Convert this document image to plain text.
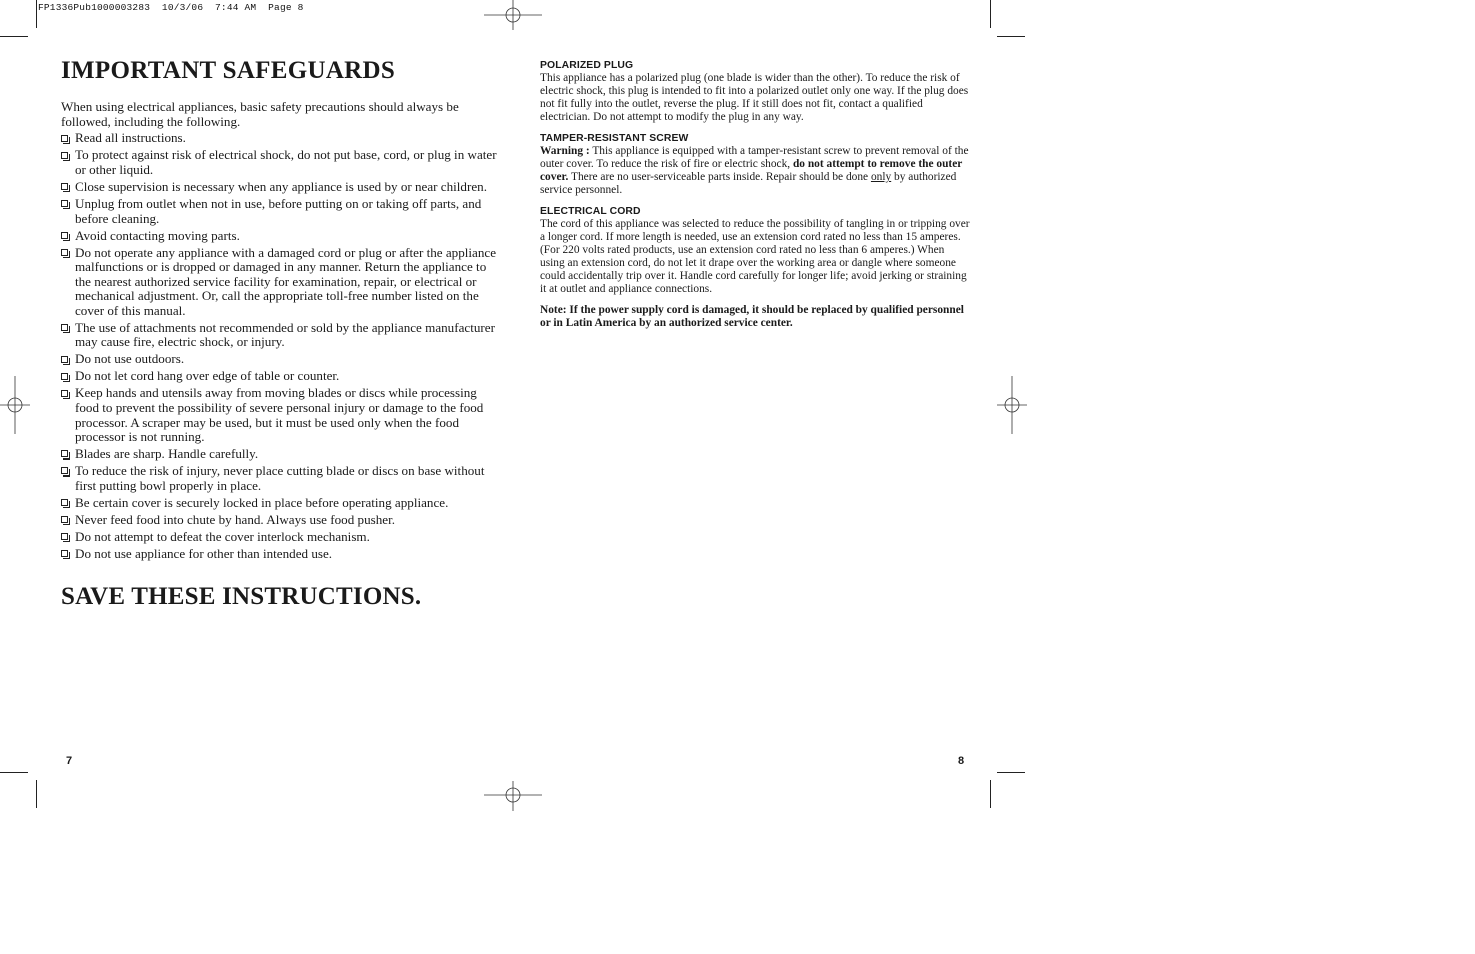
FP1336Pub1000003283  10/3/06  7:44 AM  Page 8
IMPORTANT SAFEGUARDS

When using electrical appliances, basic safety precautions should always be followed, including the following.

Read all instructions.
To protect against risk of electrical shock, do not put base, cord, or plug in water or other liquid.
Close supervision is necessary when any appliance is used by or near children.
Unplug from outlet when not in use, before putting on or taking off parts, and before cleaning.
Avoid contacting moving parts.
Do not operate any appliance with a damaged cord or plug or after the appliance malfunctions or is dropped or damaged in any manner. Return the appliance to the nearest authorized service facility for examination, repair, or electrical or mechanical adjustment. Or, call the appropriate toll-free number listed on the cover of this manual.
The use of attachments not recommended or sold by the appliance manufacturer may cause fire, electric shock, or injury.
Do not use outdoors.
Do not let cord hang over edge of table or counter.
Keep hands and utensils away from moving blades or discs while processing food to prevent the possibility of severe personal injury or damage to the food processor. A scraper may be used, but it must be used only when the food processor is not running.
Blades are sharp. Handle carefully.
To reduce the risk of injury, never place cutting blade or discs on base without first putting bowl properly in place.
Be certain cover is securely locked in place before operating appliance.
Never feed food into chute by hand. Always use food pusher.
Do not attempt to defeat the cover interlock mechanism.
Do not use appliance for other than intended use.
SAVE THESE INSTRUCTIONS.
POLARIZED PLUG

This appliance has a polarized plug (one blade is wider than the other). To reduce the risk of electric shock, this plug is intended to fit into a polarized outlet only one way. If the plug does not fit fully into the outlet, reverse the plug. If it still does not fit, contact a qualified electrician. Do not attempt to modify the plug in any way.

TAMPER-RESISTANT SCREW

Warning : This appliance is equipped with a tamper-resistant screw to prevent removal of the outer cover. To reduce the risk of fire or electric shock, do not attempt to remove the outer cover. There are no user-serviceable parts inside. Repair should be done only by authorized service personnel.

ELECTRICAL CORD

The cord of this appliance was selected to reduce the possibility of tangling in or tripping over a longer cord. If more length is needed, use an extension cord rated no less than 15 amperes. (For 220 volts rated products, use an extension cord rated no less than 6 amperes.) When using an extension cord, do not let it drape over the working area or dangle where someone could accidentally trip over it. Handle cord carefully for longer life; avoid jerking or straining it at outlet and appliance connections.

Note: If the power supply cord is damaged, it should be replaced by qualified personnel or in Latin America by an authorized service center.

7	8
